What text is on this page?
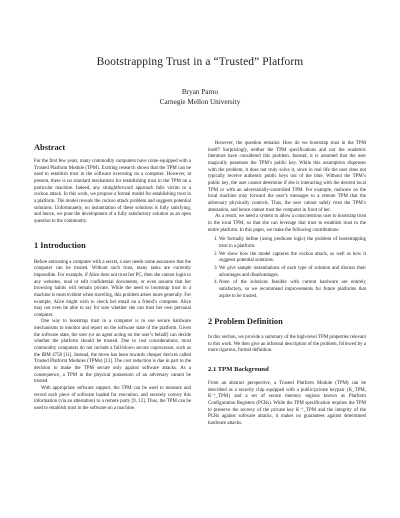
Bootstrapping Trust in a “Trusted” Platform
Bryan Parno
Carnegie Mellon University
Abstract

For the first few years, many commodity computers have come equipped with a Trusted Platform Module (TPM). Existing research shows that the TPM can be used to establish trust in the software executing on a computer. However, at present, there is no standard mechanism for establishing trust in the TPM on a particular machine. Indeed, any straightforward approach falls victim to a cuckoo attack. In this work, we propose a formal model for establishing trust in a platform. The model reveals the cuckoo attack problem and suggests potential solutions. Unfortunately, no instantiation of these solutions is fully satisfying, and hence, we pose the development of a fully satisfactory solution as an open question to the community.

1 Introduction

Before entrusting a computer with a secret, a user needs some assurance that the computer can be trusted. Without such trust, many tasks are currently impossible. For example, if Alice does not trust her PC, then she cannot login to any websites, read or edit confidential documents, or even assume that her browsing habits will remain private. While the need to bootstrap trust in a machine is most evident when traveling, this problem arises more generally. For example, Alice might wish to check her email on a friend’s computer. Alice may not even be able to say for sure whether she can trust her own personal computer.

One way to bootstrap trust in a computer is to use secure hardware mechanisms to monitor and report on the software state of the platform. Given the software state, the user (or an agent acting on the user’s behalf) can decide whether the platform should be trusted. Due to cost considerations, most commodity computers do not include a full-blown secure coprocessor, such as the IBM 4758 [11]. Instead, the move has been towards cheaper devices called Trusted Platform Modules (TPMs) [13]. The cost reduction is due in part to the decision to make the TPM secure only against software attacks. As a consequence, a TPM in the physical possession of an adversary cannot be trusted.

With appropriate software support, the TPM can be used to measure and record each piece of software loaded for execution, and securely convey this information (via an attestation) to a remote party [9, 13]. Thus, the TPM can be used to establish trust in the software on a machine.

However, the question remains: How do we bootstrap trust in the TPM itself? Surprisingly, neither the TPM specifications and nor the academic literature have considered this problem. Instead, it is assumed that the user magically possesses the TPM’s public key. While this assumption dispenses with the problem, it does not truly solve it, since in real life the user does not typically receive authentic public keys out of the blue. Without the TPM’s public key, the user cannot determine if she is interacting with the desired local TPM or with an adversarially-controlled TPM. For example, malware on the local machine may forward the user’s messages to a remote TPM that the adversary physically controls. Thus, the user cannot safely trust the TPM’s attestation, and hence cannot trust the computer in front of her.

As a result, we need a system to allow a conscientious user to bootstrap trust in the local TPM, so that she can leverage that trust to establish trust in the entire platform. In this paper, we make the following contributions:

1. We formally define (using predicate logic) the problem of bootstrapping trust in a platform.
2. We show how the model captures the cuckoo attack, as well as how it suggests potential solutions.
3. We give sample instantiations of each type of solution and discuss their advantages and disadvantages.
4. None of the solutions feasible with current hardware are entirely satisfactory, so we recommend improvements for future platforms that aspire to be trusted.
2 Problem Definition

In this section, we provide a summary of the high-level TPM properties relevant to this work. We then give an informal description of the problem, followed by a more rigorous, formal definition.

2.1 TPM Background

From an abstract perspective, a Trusted Platform Module (TPM) can be described as a security chip equipped with a public/private keypair {K_TPM, K⁻¹_TPM} and a set of secure memory regions known as Platform Configuration Registers (PCRs). While the TPM specification requires the TPM to preserve the secrecy of the private key K⁻¹_TPM and the integrity of the PCRs against software attacks, it makes no guarantees against determined hardware attacks.
